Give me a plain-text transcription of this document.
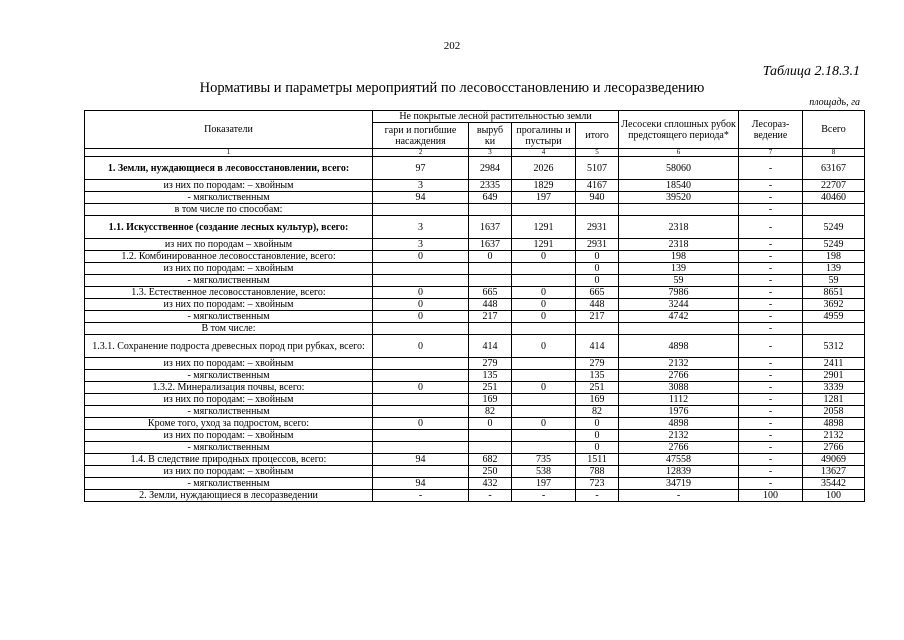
202
Таблица 2.18.3.1
Нормативы и параметры мероприятий по лесовосстановлению и лесоразведению
площадь, га
Показатели	Не покрытые лесной растительностью земли				Лесосеки сплошных рубок предстоящего периода*	Лесораз-ведение	Всего
	гари и погибшие насаждения	выруб ки	прогалины и пустыри	итого			
1	2	3	4	5	6	7	8
1. Земли, нуждающиеся в лесовосстановлении, всего:	97	2984	2026	5107	58060	-	63167
из них по породам: – хвойным	3	2335	1829	4167	18540	-	22707
- мягколиственным	94	649	197	940	39520	-	40460
в том числе по способам:						-	
1.1. Искусственное (создание лесных культур), всего:	3	1637	1291	2931	2318	-	5249
из них по породам – хвойным	3	1637	1291	2931	2318	-	5249
1.2. Комбинированное лесовосстановление, всего:	0	0	0	0	198	-	198
из них по породам: – хвойным				0	139	-	139
- мягколиственным				0	59	-	59
1.3. Естественное лесовосстановление, всего:	0	665	0	665	7986	-	8651
из них по породам: – хвойным	0	448	0	448	3244	-	3692
- мягколиственным	0	217	0	217	4742	-	4959
В том числе:						-	
1.3.1. Сохранение подроста древесных пород при рубках, всего:	0	414	0	414	4898	-	5312
из них по породам: – хвойным		279		279	2132	-	2411
- мягколиственным		135		135	2766	-	2901
1.3.2. Минерализация почвы, всего:	0	251	0	251	3088	-	3339
из них по породам: – хвойным		169		169	1112	-	1281
- мягколиственным		82		82	1976	-	2058
Кроме того, уход за подростом, всего:	0	0	0	0	4898	-	4898
из них по породам: – хвойным				0	2132	-	2132
- мягколиственным				0	2766	-	2766
1.4. В следствие природных процессов, всего:	94	682	735	1511	47558	-	49069
из них по породам: – хвойным		250	538	788	12839	-	13627
- мягколиственным	94	432	197	723	34719	-	35442
2. Земли, нуждающиеся в лесоразведении	-	-	-	-	-	100	100
